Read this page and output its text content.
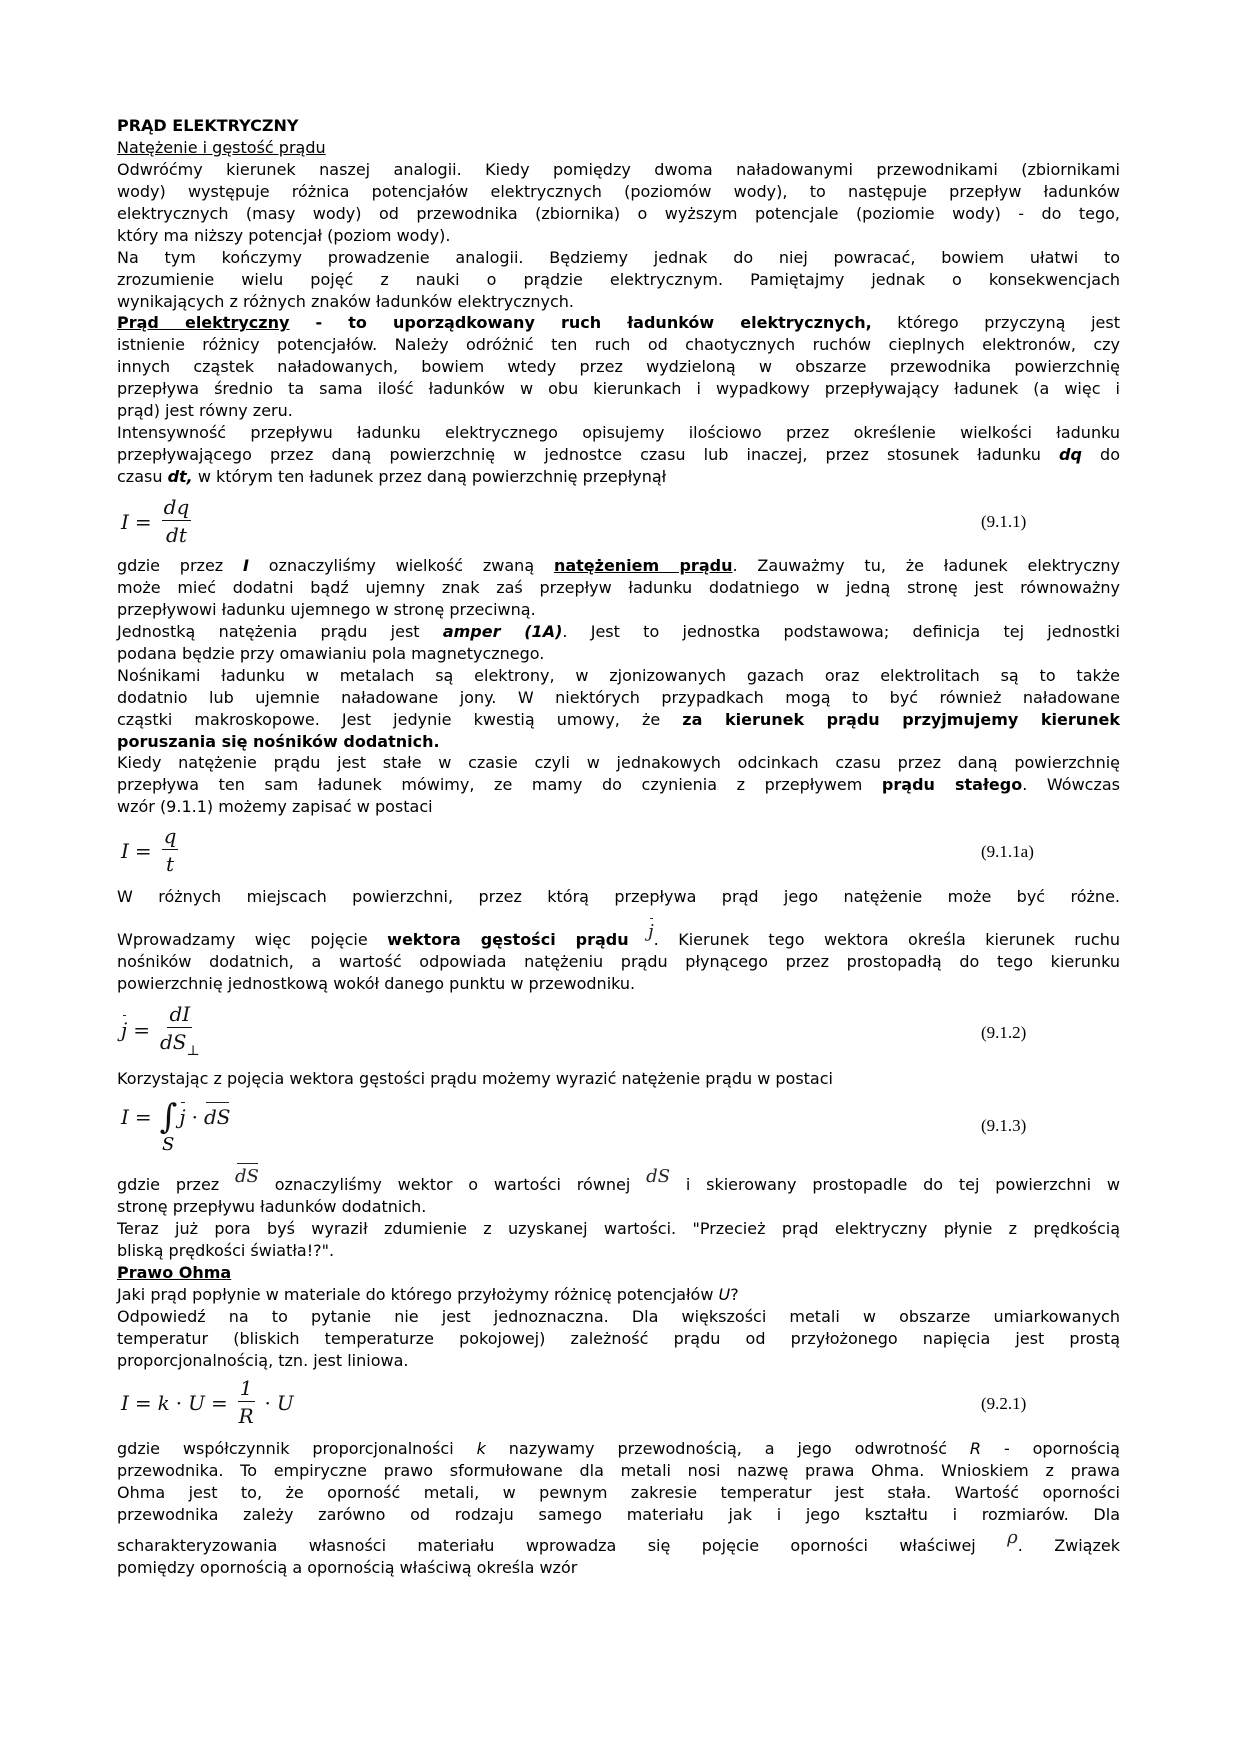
PRĄD ELEKTRYCZNY
Natężenie i gęstość prądu
Odwróćmy kierunek naszej analogii. Kiedy pomiędzy dwoma naładowanymi przewodnikami (zbiornikami
wody) występuje różnica potencjałów elektrycznych (poziomów wody), to następuje przepływ ładunków
elektrycznych (masy wody) od przewodnika (zbiornika) o wyższym potencjale (poziomie wody) - do tego,
który ma niższy potencjał (poziom wody).
Na tym kończymy prowadzenie analogii. Będziemy jednak do niej powracać, bowiem ułatwi to
zrozumienie wielu pojęć z nauki o prądzie elektrycznym. Pamiętajmy jednak o konsekwencjach
wynikających z różnych znaków ładunków elektrycznych.
Prąd elektryczny - to uporządkowany ruch ładunków elektrycznych, którego przyczyną jest
istnienie różnicy potencjałów. Należy odróżnić ten ruch od chaotycznych ruchów cieplnych elektronów, czy
innych cząstek naładowanych, bowiem wtedy przez wydzieloną w obszarze przewodnika powierzchnię
przepływa średnio ta sama ilość ładunków w obu kierunkach i wypadkowy przepływający ładunek (a więc i
prąd) jest równy zeru.
Intensywność przepływu ładunku elektrycznego opisujemy ilościowo przez określenie wielkości ładunku
przepływającego przez daną powierzchnię w jednostce czasu lub inaczej, przez stosunek ładunku dq do
czasu dt, w którym ten ładunek przez daną powierzchnię przepłynął
$I = \frac{dq}{dt}$	(9.1.1)
gdzie przez I oznaczyliśmy wielkość zwaną natężeniem prądu. Zauważmy tu, że ładunek elektryczny
może mieć dodatni bądź ujemny znak zaś przepływ ładunku dodatniego w jedną stronę jest równoważny
przepływowi ładunku ujemnego w stronę przeciwną.
Jednostką natężenia prądu jest amper (1A). Jest to jednostka podstawowa; definicja tej jednostki
podana będzie przy omawianiu pola magnetycznego.
Nośnikami ładunku w metalach są elektrony, w zjonizowanych gazach oraz elektrolitach są to także
dodatnio lub ujemnie naładowane jony. W niektórych przypadkach mogą to być również naładowane
cząstki makroskopowe. Jest jedynie kwestią umowy, że za kierunek prądu przyjmujemy kierunek
poruszania się nośników dodatnich.
Kiedy natężenie prądu jest stałe w czasie czyli w jednakowych odcinkach czasu przez daną powierzchnię
przepływa ten sam ładunek mówimy, ze mamy do czynienia z przepływem prądu stałego. Wówczas
wzór (9.1.1) możemy zapisać w postaci
$I = \frac{q}{t}$	(9.1.1a)
W różnych miejscach powierzchni, przez którą przepływa prąd jego natężenie może być różne.
Wprowadzamy więc pojęcie wektora gęstości prądu j. Kierunek tego wektora określa kierunek ruchu
nośników dodatnich, a wartość odpowiada natężeniu prądu płynącego przez prostopadłą do tego kierunku
powierzchnię jednostkową wokół danego punktu w przewodniku.
$j = \frac{dI}{dS_\perp}$	(9.1.2)
Korzystając z pojęcia wektora gęstości prądu możemy wyrazić natężenie prądu w postaci
I = ∫ j · dS
S
(9.1.3)
gdzie przez dS oznaczyliśmy wektor o wartości równej dS i skierowany prostopadle do tej powierzchni w
stronę przepływu ładunków dodatnich.
Teraz już pora byś wyraził zdumienie z uzyskanej wartości. "Przecież prąd elektryczny płynie z prędkością
bliską prędkości światła!?".
Prawo Ohma
Jaki prąd popłynie w materiale do którego przyłożymy różnicę potencjałów U?
Odpowiedź na to pytanie nie jest jednoznaczna. Dla większości metali w obszarze umiarkowanych
temperatur (bliskich temperaturze pokojowej) zależność prądu od przyłożonego napięcia jest prostą
proporcjonalnością, tzn. jest liniowa.
$I = k \cdot U = \frac{1}{R} \cdot U$	(9.2.1)
gdzie współczynnik proporcjonalności k nazywamy przewodnością, a jego odwrotność R - opornością
przewodnika. To empiryczne prawo sformułowane dla metali nosi nazwę prawa Ohma. Wnioskiem z prawa
Ohma jest to, że oporność metali, w pewnym zakresie temperatur jest stała. Wartość oporności
przewodnika zależy zarówno od rodzaju samego materiału jak i jego kształtu i rozmiarów. Dla
scharakteryzowania własności materiału wprowadza się pojęcie oporności właściwej ρ. Związek
pomiędzy opornością a opornością właściwą określa wzór
